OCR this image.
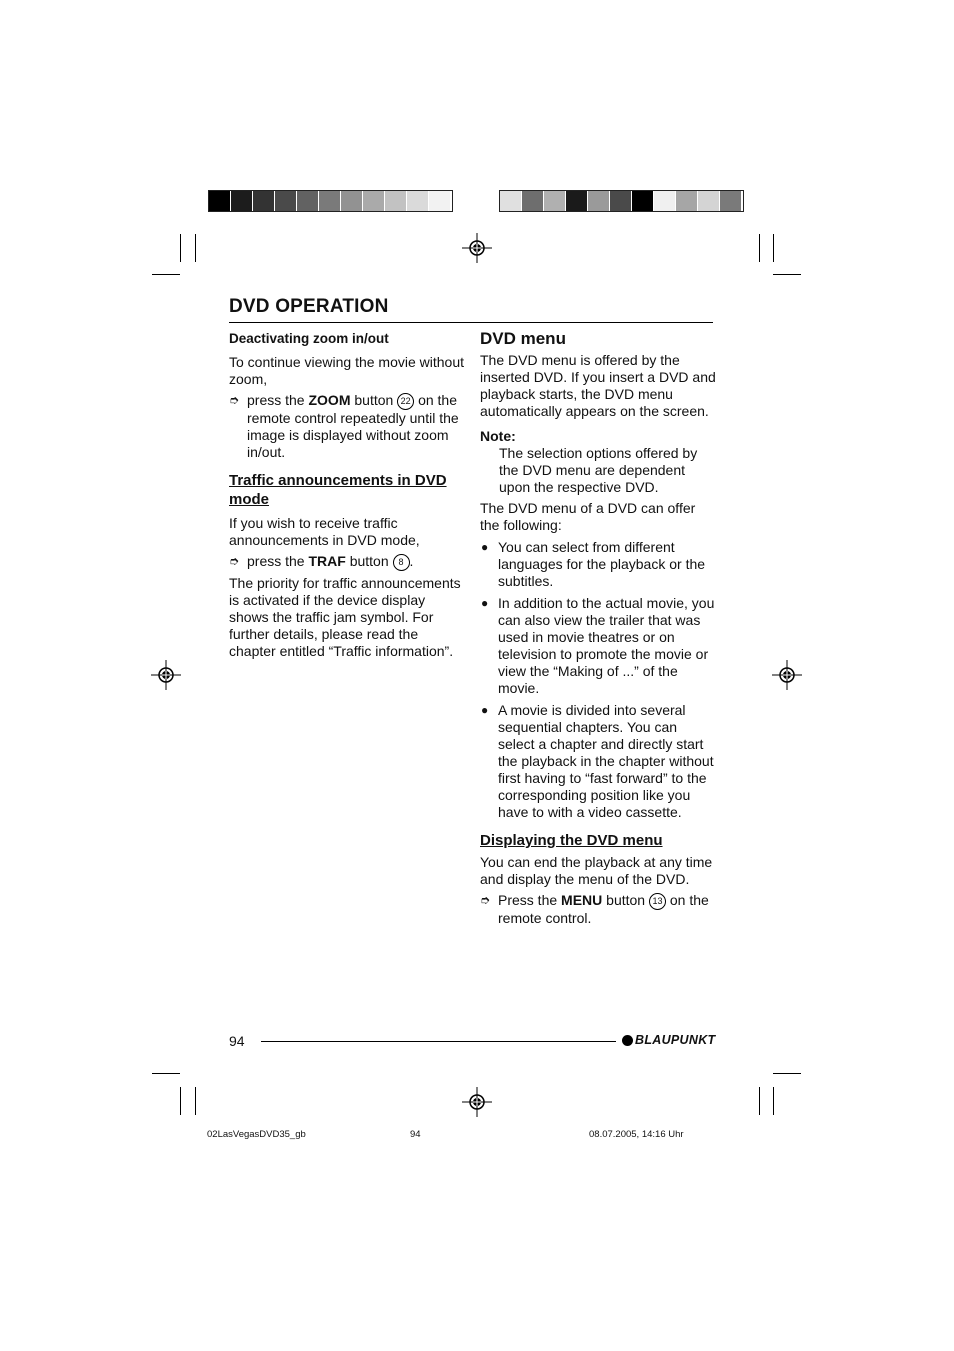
DVD OPERATION

Deactivating zoom in/out

To continue viewing the movie without zoom,

➮ press the ZOOM button 22 on the remote control repeatedly until the image is displayed without zoom in/out.

Traffic announcements in DVD mode

If you wish to receive traffic announcements in DVD mode,

➮ press the TRAF button 8 .

The priority for traffic announcements is activated if the device display shows the traffic jam symbol. For further details, please read the chapter entitled “Traffic information”.

DVD menu

The DVD menu is offered by the inserted DVD. If you insert a DVD and playback starts, the DVD menu automatically appears on the screen.

Note:

The selection options offered by the DVD menu are dependent upon the respective DVD.

The DVD menu of a DVD can offer the following:

● You can select from different languages for the playback or the subtitles.
● In addition to the actual movie, you can also view the trailer that was used in movie theatres or on television to promote the movie or view the “Making of ...” of the movie.
● A movie is divided into several sequential chapters. You can select a chapter and directly start the playback in the chapter without first having to “fast forward” to the corresponding position like you have to with a video cassette.

Displaying the DVD menu

You can end the playback at any time and display the menu of the DVD.

➮ Press the MENU button 13 on the remote control.
94	BLAUPUNKT
02LasVegasDVD35_gb	94	08.07.2005, 14:16 Uhr
